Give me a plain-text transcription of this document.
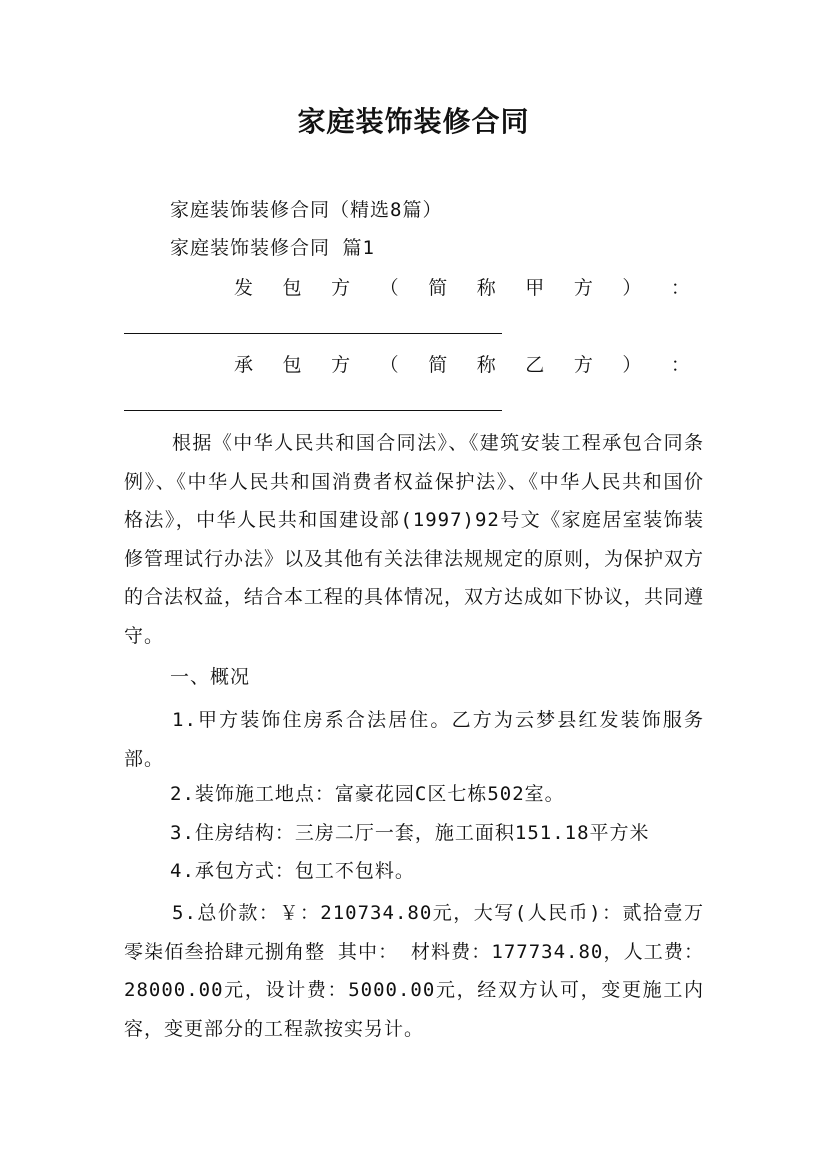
家庭装饰装修合同
家庭装饰装修合同（精选8篇）
家庭装饰装修合同 篇1
发 包 方 （ 简 称 甲 方 ） ：
承 包 方 （ 简 称 乙 方 ） ：

根据《中华人民共和国合同法》、《建筑安装工程承包合同条例》、《中华人民共和国消费者权益保护法》、《中华人民共和国价格法》，中华人民共和国建设部(1997)92号文《家庭居室装饰装修管理试行办法》以及其他有关法律法规规定的原则，为保护双方的合法权益，结合本工程的具体情况，双方达成如下协议，共同遵守。

一、概况

1.甲方装饰住房系合法居住。乙方为云梦县红发装饰服务部。

2.装饰施工地点：富豪花园C区七栋502室。
3.住房结构：三房二厅一套，施工面积151.18平方米
4.承包方式：包工不包料。

5.总价款：￥：210734.80元，大写(人民币)：贰拾壹万零柒佰叁拾肆元捌角整 其中： 材料费：177734.80，人工费：28000.00元，设计费：5000.00元，经双方认可，变更施工内容，变更部分的工程款按实另计。
